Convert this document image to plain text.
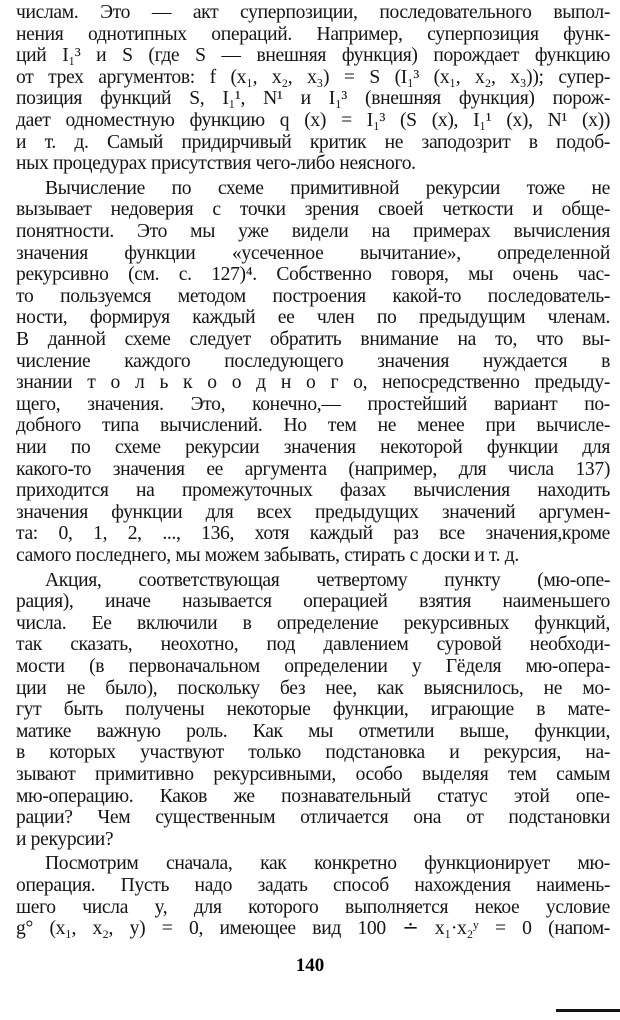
числам. Это — акт суперпозиции, последовательного выпол-
нения однотипных операций. Например, суперпозиция функ-
ций I₁³ и S (где S — внешняя функция) порождает функцию
от трех аргументов: f (x₁, x₂, x₃) = S (I₁³ (x₁, x₂, x₃)); супер-
позиция функций S, I₁¹, N¹ и I₁³ (внешняя функция) порож-
дает одноместную функцию q (x) = I₁³ (S (x), I₁¹ (x), N¹ (x))
и т. д. Самый придирчивый критик не заподозрит в подоб-
ных процедурах присутствия чего-либо неясного.
Вычисление по схеме примитивной рекурсии тоже не
вызывает недоверия с точки зрения своей четкости и обще-
понятности. Это мы уже видели на примерах вычисления
значения функции «усеченное вычитание», определенной
рекурсивно (см. с. 127)⁴. Собственно говоря, мы очень час-
то пользуемся методом построения какой-то последователь-
ности, формируя каждый ее член по предыдущим членам.
В данной схеме следует обратить внимание на то, что вы-
числение каждого последующего значения нуждается в
знании т о л ь к о о д н о г о, непосредственно предыду-
щего, значения. Это, конечно,— простейший вариант по-
добного типа вычислений. Но тем не менее при вычисле-
нии по схеме рекурсии значения некоторой функции для
какого-то значения ее аргумента (например, для числа 137)
приходится на промежуточных фазах вычисления находить
значения функции для всех предыдущих значений аргумен-
та: 0, 1, 2, ..., 136, хотя каждый раз все значения,кроме
самого последнего, мы можем забывать, стирать с доски и т. д.
Акция, соответствующая четвертому пункту (мю-опе-
рация), иначе называется операцией взятия наименьшего
числа. Ее включили в определение рекурсивных функций,
так сказать, неохотно, под давлением суровой необходи-
мости (в первоначальном определении у Гёделя мю-опера-
ции не было), поскольку без нее, как выяснилось, не мо-
гут быть получены некоторые функции, играющие в мате-
матике важную роль. Как мы отметили выше, функции,
в которых участвуют только подстановка и рекурсия, на-
зывают примитивно рекурсивными, особо выделяя тем самым
мю-операцию. Каков же познавательный статус этой опе-
рации? Чем существенным отличается она от подстановки
и рекурсии?
Посмотрим сначала, как конкретно функционирует мю-
операция. Пусть надо задать способ нахождения наимень-
шего числа y, для которого выполняется некое условие
g° (x₁, x₂, y) = 0, имеющее вид 100 ∸ x₁·x₂ʸ = 0 (напом-
140
